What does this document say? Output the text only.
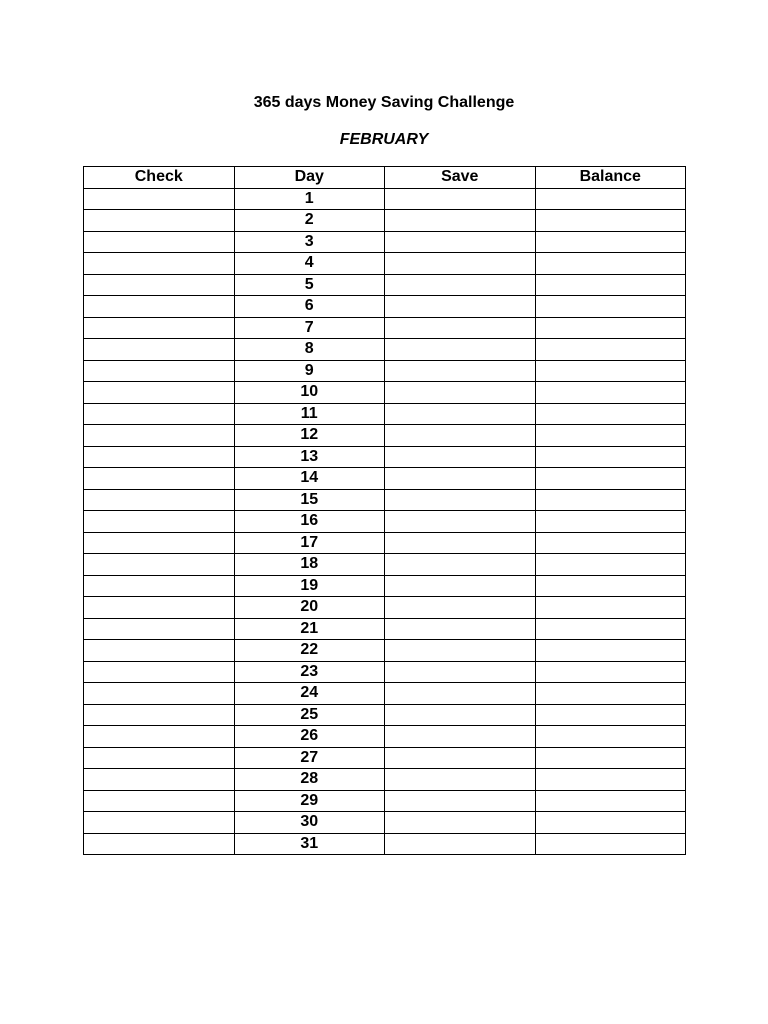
365 days Money Saving Challenge
FEBRUARY
Check	Day	Save	Balance
	1		
	2		
	3		
	4		
	5		
	6		
	7		
	8		
	9		
	10		
	11		
	12		
	13		
	14		
	15		
	16		
	17		
	18		
	19		
	20		
	21		
	22		
	23		
	24		
	25		
	26		
	27		
	28		
	29		
	30		
	31		
